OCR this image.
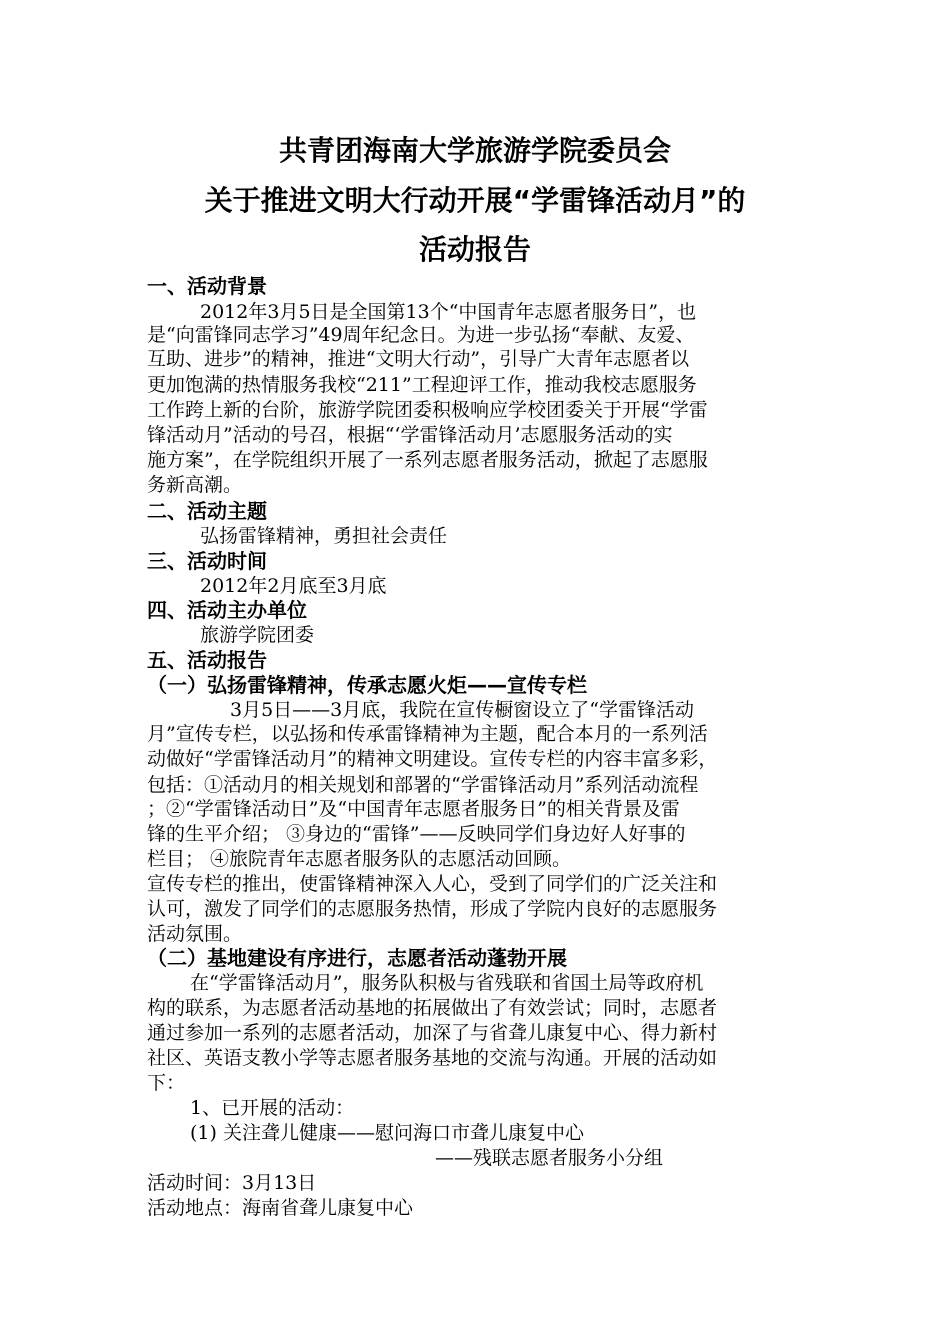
共青团海南大学旅游学院委员会
关于推进文明大行动开展“学雷锋活动月”的
活动报告
一、活动背景
2012年3月5日是全国第13个“中国青年志愿者服务日”，也
是“向雷锋同志学习”49周年纪念日。为进一步弘扬“奉献、友爱、
互助、进步”的精神，推进“文明大行动”，引导广大青年志愿者以
更加饱满的热情服务我校“211”工程迎评工作，推动我校志愿服务
工作跨上新的台阶，旅游学院团委积极响应学校团委关于开展“学雷
锋活动月”活动的号召，根据“‘学雷锋活动月’志愿服务活动的实
施方案”，在学院组织开展了一系列志愿者服务活动，掀起了志愿服
务新高潮。
二、活动主题
弘扬雷锋精神，勇担社会责任
三、活动时间
2012年2月底至3月底
四、活动主办单位
旅游学院团委
五、活动报告
（一）弘扬雷锋精神，传承志愿火炬——宣传专栏
3月5日——3月底，我院在宣传橱窗设立了“学雷锋活动
月”宣传专栏，以弘扬和传承雷锋精神为主题，配合本月的一系列活
动做好“学雷锋活动月”的精神文明建设。宣传专栏的内容丰富多彩，
包括：①活动月的相关规划和部署的“学雷锋活动月”系列活动流程
；②“学雷锋活动日”及“中国青年志愿者服务日”的相关背景及雷
锋的生平介绍； ③身边的“雷锋”——反映同学们身边好人好事的
栏目； ④旅院青年志愿者服务队的志愿活动回顾。
宣传专栏的推出，使雷锋精神深入人心，受到了同学们的广泛关注和
认可，激发了同学们的志愿服务热情，形成了学院内良好的志愿服务
活动氛围。
（二）基地建设有序进行，志愿者活动蓬勃开展
在“学雷锋活动月”，服务队积极与省残联和省国土局等政府机
构的联系，为志愿者活动基地的拓展做出了有效尝试；同时，志愿者
通过参加一系列的志愿者活动，加深了与省聋儿康复中心、得力新村
社区、英语支教小学等志愿者服务基地的交流与沟通。开展的活动如
下：
1、已开展的活动：
(1) 关注聋儿健康——慰问海口市聋儿康复中心
——残联志愿者服务小分组
活动时间：3月13日
活动地点：海南省聋儿康复中心
